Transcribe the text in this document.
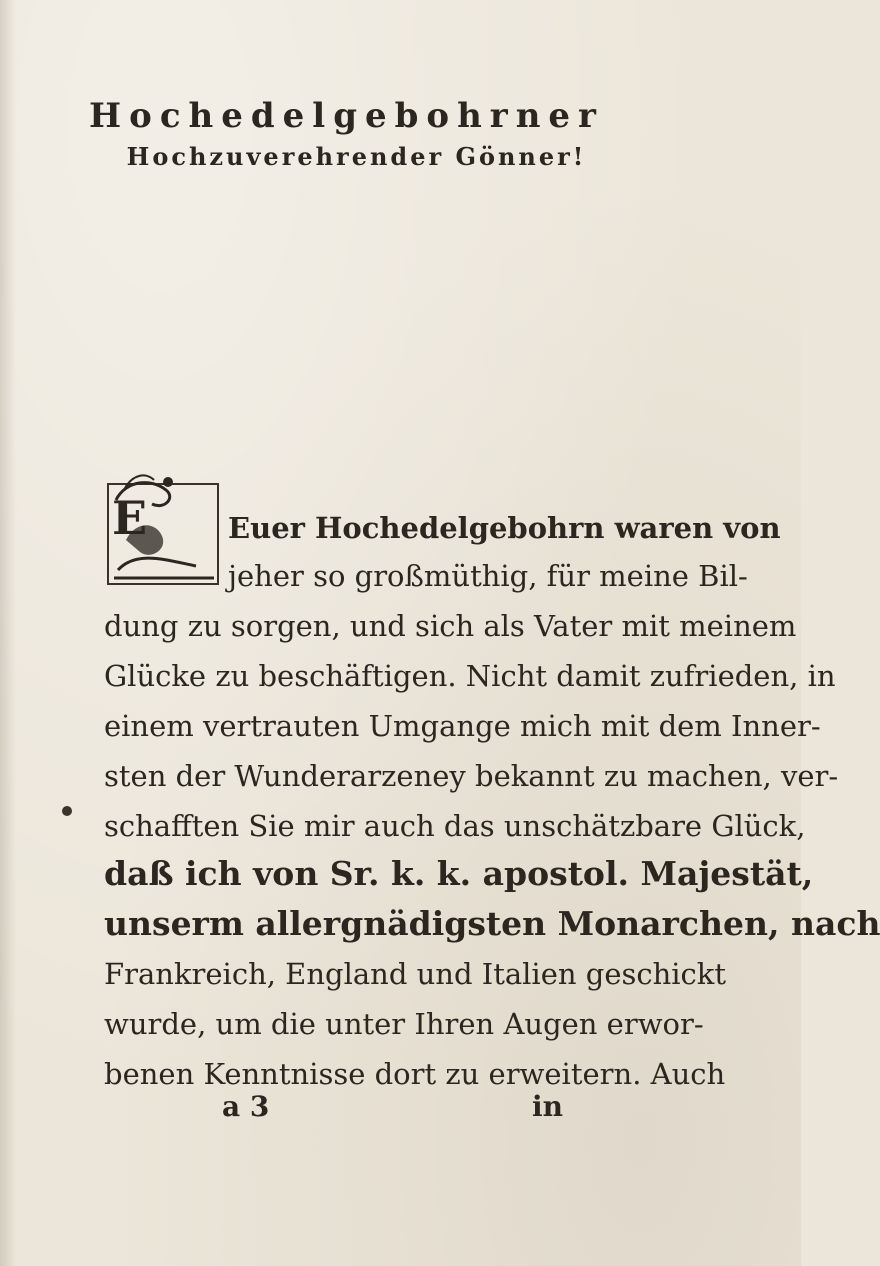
Hochedelgebohrner
Hochzuverehrender Gönner!
E	Euer Hochedelgebohrn waren von
jeher so großmüthig, für meine Bil-
dung zu sorgen, und sich als Vater mit meinem
Glücke zu beschäftigen. Nicht damit zufrieden, in
einem vertrauten Umgange mich mit dem Inner-
sten der Wunderarzeney bekannt zu machen, ver-
schafften Sie mir auch das unschätzbare Glück,
daß ich von Sr. k. k. apostol. Majestät,
unserm allergnädigsten Monarchen, nach
Frankreich, England und Italien geschickt
wurde, um die unter Ihren Augen erwor-
benen Kenntnisse dort zu erweitern. Auch
a 3	in
